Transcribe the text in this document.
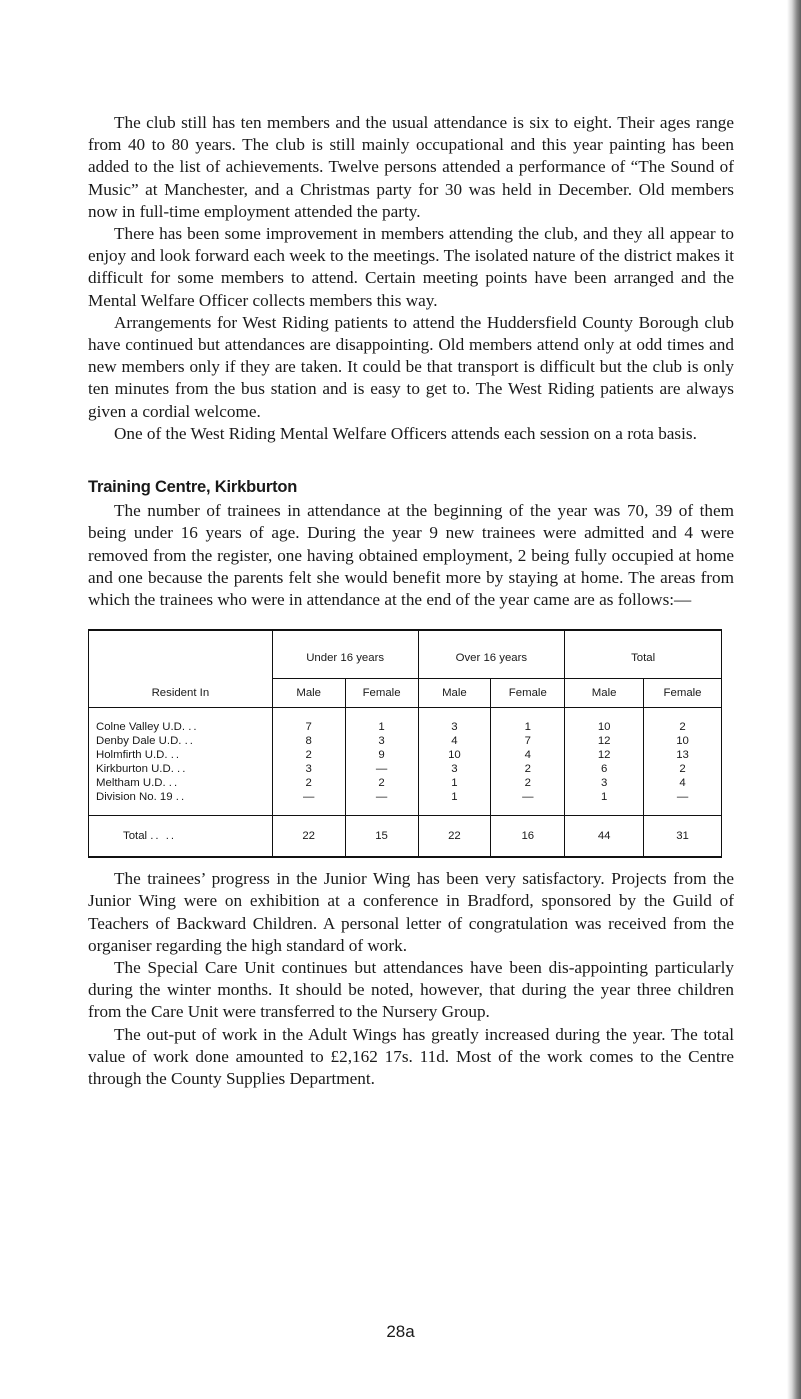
The club still has ten members and the usual attendance is six to eight. Their ages range from 40 to 80 years. The club is still mainly occupational and this year painting has been added to the list of achievements. Twelve persons attended a performance of “The Sound of Music” at Manchester, and a Christmas party for 30 was held in December. Old members now in full-time employment attended the party.

There has been some improvement in members attending the club, and they all appear to enjoy and look forward each week to the meetings. The isolated nature of the district makes it difficult for some members to attend. Certain meeting points have been arranged and the Mental Welfare Officer collects members this way.

Arrangements for West Riding patients to attend the Huddersfield County Borough club have continued but attendances are disappointing. Old members attend only at odd times and new members only if they are taken. It could be that transport is difficult but the club is only ten minutes from the bus station and is easy to get to. The West Riding patients are always given a cordial welcome.

One of the West Riding Mental Welfare Officers attends each session on a rota basis.

Training Centre, Kirkburton

The number of trainees in attendance at the beginning of the year was 70, 39 of them being under 16 years of age. During the year 9 new trainees were admitted and 4 were removed from the register, one having obtained employment, 2 being fully occupied at home and one because the parents felt she would benefit more by staying at home. The areas from which the trainees who were in attendance at the end of the year came are as follows:—

Resident In	Under 16 years		Over 16 years		Total	
	Male	Female	Male	Female	Male	Female
Colne Valley U.D. ..	7	1	3	1	10	2
Denby Dale U.D. ..	8	3	4	7	12	10
Holmfirth U.D. ..	2	9	10	4	12	13
Kirkburton U.D. ..	3	—	3	2	6	2
Meltham U.D. ..	2	2	1	2	3	4
Division No. 19 ..	—	—	1	—	1	—
Total .. ..	22	15	22	16	44	31

The trainees’ progress in the Junior Wing has been very satisfactory. Projects from the Junior Wing were on exhibition at a conference in Bradford, sponsored by the Guild of Teachers of Backward Children. A personal letter of congratulation was received from the organiser regarding the high standard of work.

The Special Care Unit continues but attendances have been dis-appointing particularly during the winter months. It should be noted, however, that during the year three children from the Care Unit were transferred to the Nursery Group.

The out-put of work in the Adult Wings has greatly increased during the year. The total value of work done amounted to £2,162 17s. 11d. Most of the work comes to the Centre through the County Supplies Department.

28a
